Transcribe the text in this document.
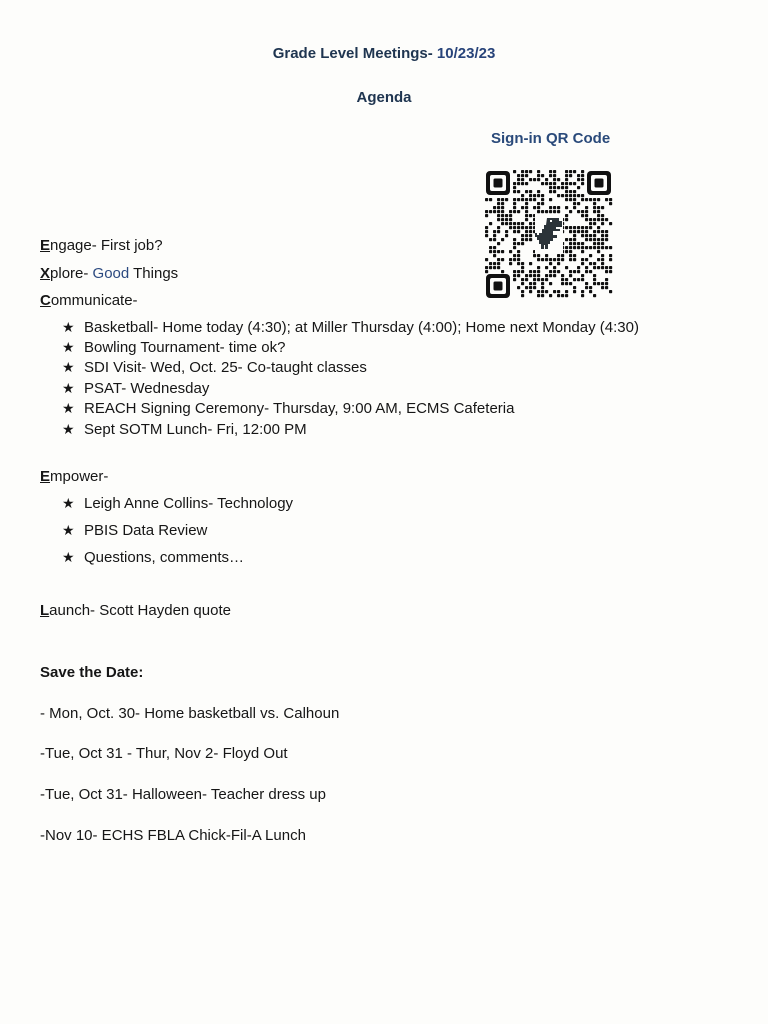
Grade Level Meetings- 10/23/23
Agenda
Sign-in QR Code
Engage- First job?
Xplore- Good Things
Communicate-
★ Basketball- Home today (4:30); at Miller Thursday (4:00); Home next Monday (4:30)
★ Bowling Tournament- time ok?
★ SDI Visit- Wed, Oct. 25- Co-taught classes
★ PSAT- Wednesday
★ REACH Signing Ceremony- Thursday, 9:00 AM, ECMS Cafeteria
★ Sept SOTM Lunch- Fri, 12:00 PM
Empower-
★ Leigh Anne Collins- Technology
★ PBIS Data Review
★ Questions, comments…
Launch- Scott Hayden quote
Save the Date:
- Mon, Oct. 30- Home basketball vs. Calhoun
-Tue, Oct 31 - Thur, Nov 2- Floyd Out
-Tue, Oct 31- Halloween- Teacher dress up
-Nov 10- ECHS FBLA Chick-Fil-A Lunch
